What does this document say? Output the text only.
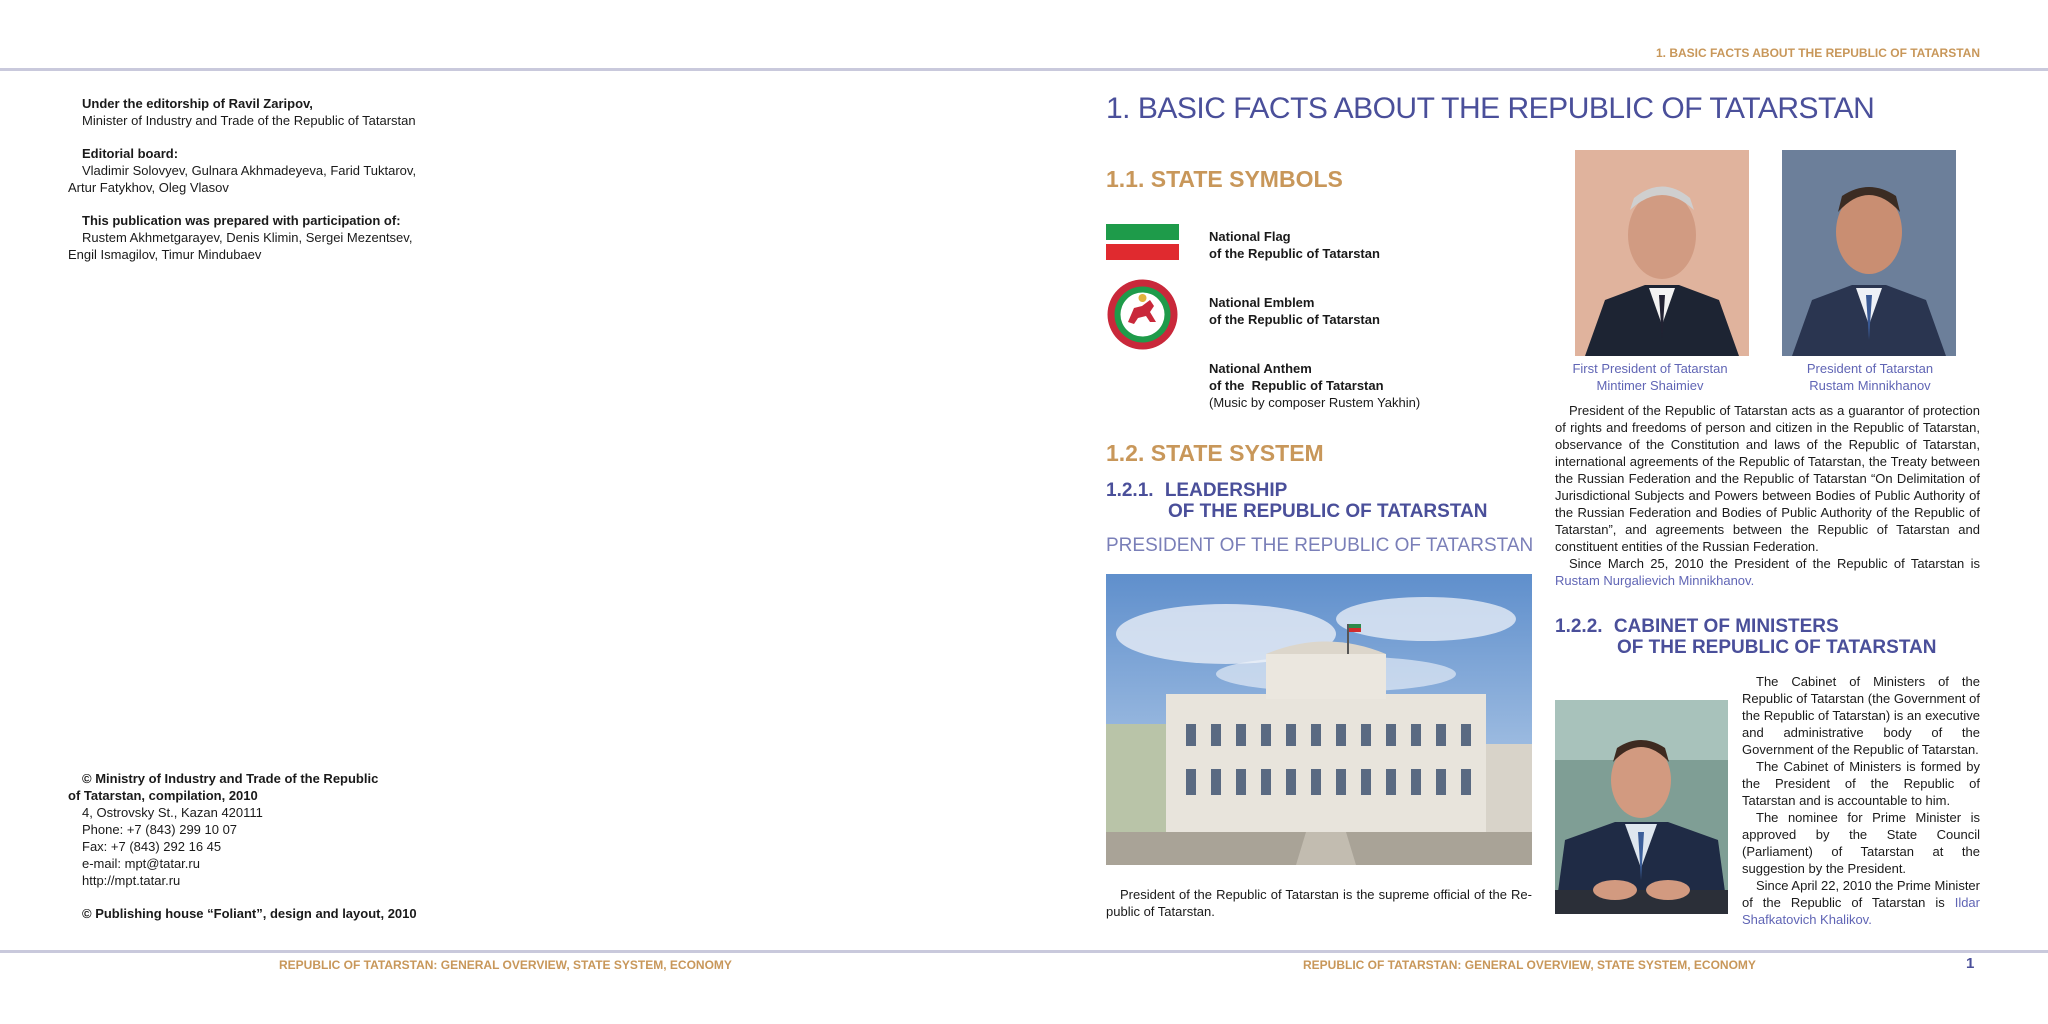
1. BASIC FACTS ABOUT THE REPUBLIC OF TATARSTAN

Under the editorship of Ravil Zaripov,

Minister of Industry and Trade of the Republic of Tatarstan

Editorial board:

Vladimir Solovyev, Gulnara Akhmadeyeva, Farid Tuktarov,

Artur Fatykhov, Oleg Vlasov

This publication was prepared with participation of:

Rustem Akhmetgarayev, Denis Klimin, Sergei Mezentsev,

Engil Ismagilov, Timur Mindubaev

© Ministry of Industry and Trade of the Republic

of Tatarstan, compilation, 2010

4, Ostrovsky St., Kazan 420111

Phone: +7 (843) 299 10 07

Fax: +7 (843) 292 16 45

e-mail: mpt@tatar.ru

http://mpt.tatar.ru

© Publishing house “Foliant”, design and layout, 2010

REPUBLIC OF TATARSTAN: GENERAL OVERVIEW, STATE SYSTEM, ECONOMY	REPUBLIC OF TATARSTAN: GENERAL OVERVIEW, STATE SYSTEM, ECONOMY	1
1. BASIC FACTS ABOUT THE REPUBLIC OF TATARSTAN
1.1. STATE SYMBOLS

National Flag

of the Republic of Tatarstan

National Emblem

of the Republic of Tatarstan

National Anthem

of the  Republic of Tatarstan

(Music by composer Rustem Yakhin)

1.2. STATE SYSTEM
1.2.1. LEADERSHIP
OF THE REPUBLIC OF TATARSTAN
PRESIDENT OF THE REPUBLIC OF TATARSTAN
President of the Republic of Tatarstan is the supreme official of the Re-public of Tatarstan.

First President of Tatarstan

Mintimer Shaimiev

President of Tatarstan

Rustam Minnikhanov

President of the Republic of Tatarstan acts as a guarantor of protection of rights and freedoms of person and citizen in the Republic of Tatarstan, observance of the Constitution and laws of the Republic of Tatarstan, international agreements of the Republic of Tatarstan, the Treaty between the Russian Federation and the Republic of Tatarstan “On Delimitation of Jurisdictional Subjects and Powers between Bodies of Public Authority of the Russian Federation and Bodies of Public Authority of the Republic of Tatarstan”, and agreements between the Republic of Tatarstan and constituent entities of the Russian Federation.

Since March 25, 2010 the President of the Republic of Tatarstan is Rustam Nurgalievich Minnikhanov.

1.2.2. CABINET OF MINISTERS
OF THE REPUBLIC OF TATARSTAN

The Cabinet of Ministers of the Republic of Tatarstan (the Government of the Republic of Tatarstan) is an executive and administrative body of the Government of the Republic of Tatarstan.

The Cabinet of Ministers is formed by the President of the Republic of Tatarstan and is accountable to him.

The nominee for Prime Minister is approved by the State Council (Parliament) of Tatarstan at the suggestion by the President.

Since April 22, 2010 the Prime Minister of the Republic of Tatarstan is Ildar Shafkatovich Khalikov.
